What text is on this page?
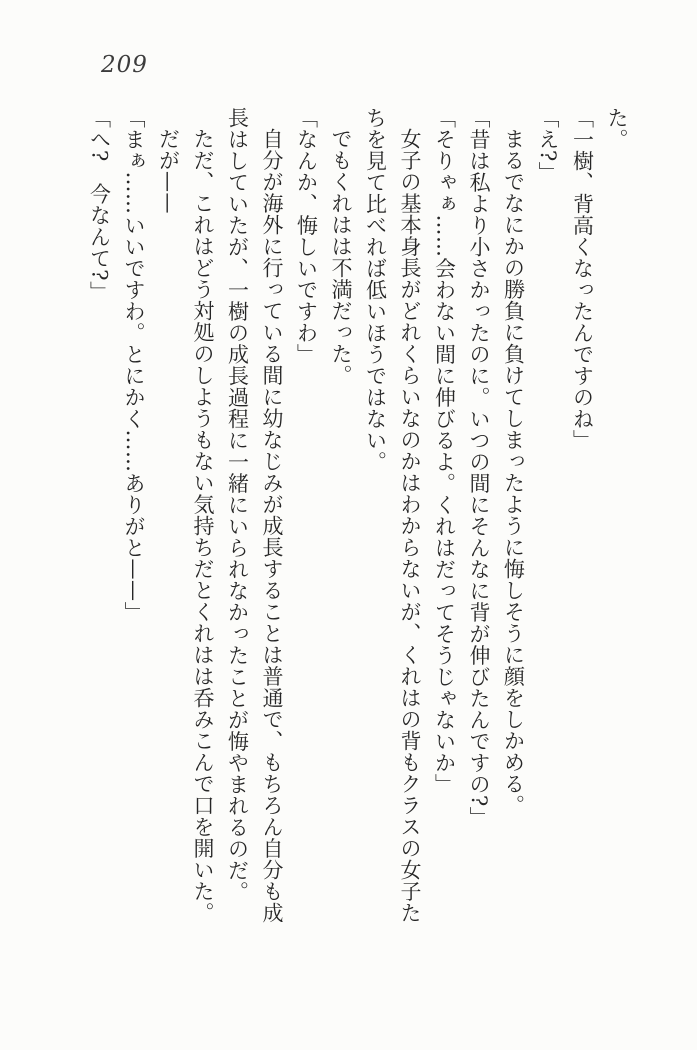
209

た。

「一樹、背高くなったんですのね」

「え?」

まるでなにかの勝負に負けてしまったように悔しそうに顔をしかめる。

「昔は私より小さかったのに。いつの間にそんなに背が伸びたんですの?」

「そりゃぁ……会わない間に伸びるよ。くれはだってそうじゃないか」

女子の基本身長がどれくらいなのかはわからないが、くれはの背もクラスの女子た

ちを見て比べれば低いほうではない。

でもくれはは不満だった。

「なんか、悔しいですわ」

自分が海外に行っている間に幼なじみが成長することは普通で、もちろん自分も成

長はしていたが、一樹の成長過程に一緒にいられなかったことが悔やまれるのだ。

ただ、これはどう対処のしようもない気持ちだとくれはは呑みこんで口を開いた。

だが——

「まぁ……いいですわ。とにかく……ありがと——」

「へ?　今なんて?」
